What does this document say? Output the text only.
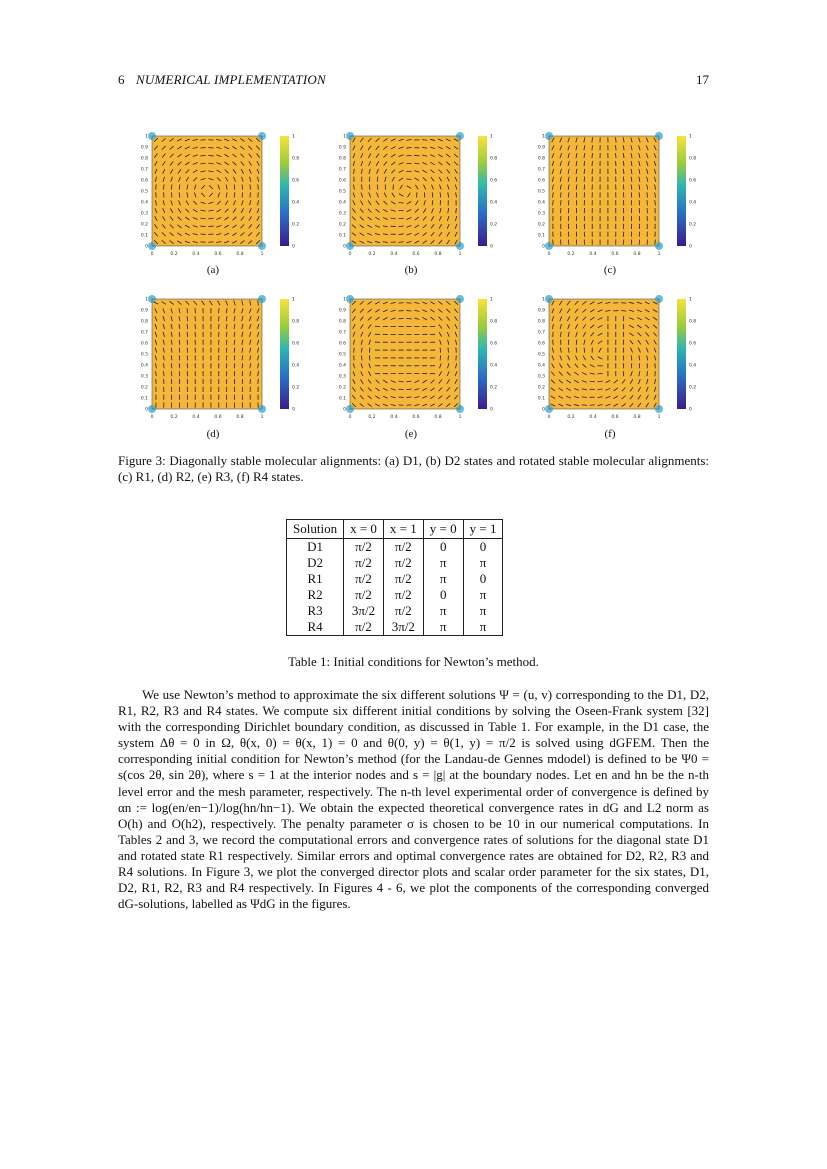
6 NUMERICAL IMPLEMENTATION	17
0	0.2	0.4	0.6	0.8	1
0
0.1
0.2
0.3
0.4
0.5
0.6
0.7
0.8
0.9
1
0
0.2
0.4
0.6
0.8
1
(a)
0	0.2	0.4	0.6	0.8	1
0
0.1
0.2
0.3
0.4
0.5
0.6
0.7
0.8
0.9
1
0
0.2
0.4
0.6
0.8
1
(b)
0	0.2	0.4	0.6	0.8	1
0
0.1
0.2
0.3
0.4
0.5
0.6
0.7
0.8
0.9
1
0
0.2
0.4
0.6
0.8
1
(c)
0	0.2	0.4	0.6	0.8	1
0
0.1
0.2
0.3
0.4
0.5
0.6
0.7
0.8
0.9
1
0
0.2
0.4
0.6
0.8
1
(d)
0	0.2	0.4	0.6	0.8	1
0
0.1
0.2
0.3
0.4
0.5
0.6
0.7
0.8
0.9
1
0
0.2
0.4
0.6
0.8
1
(e)
0	0.2	0.4	0.6	0.8	1
0
0.1
0.2
0.3
0.4
0.5
0.6
0.7
0.8
0.9
1
0
0.2
0.4
0.6
0.8
1
(f)
Figure 3: Diagonally stable molecular alignments: (a) D1, (b) D2 states and rotated stable molecular alignments: (c) R1, (d) R2, (e) R3, (f) R4 states.
Solution	x = 0	x = 1	y = 0	y = 1
D1	π/2	π/2	0	0
D2	π/2	π/2	π	π
R1	π/2	π/2	π	0
R2	π/2	π/2	0	π
R3	3π/2	π/2	π	π
R4	π/2	3π/2	π	π
Table 1: Initial conditions for Newton’s method.

We use Newton’s method to approximate the six different solutions Ψ = (u, v) corresponding to the D1, D2, R1, R2, R3 and R4 states. We compute six different initial conditions by solving the Oseen-Frank system [32] with the corresponding Dirichlet boundary condition, as discussed in Table 1. For example, in the D1 case, the system Δθ = 0 in Ω, θ(x, 0) = θ(x, 1) = 0 and θ(0, y) = θ(1, y) = π/2 is solved using dGFEM. Then the corresponding initial condition for Newton’s method (for the Landau-de Gennes mdodel) is defined to be Ψ0 = s(cos 2θ, sin 2θ), where s = 1 at the interior nodes and s = |g| at the boundary nodes. Let en and hn be the n-th level error and the mesh parameter, respectively. The n-th level experimental order of convergence is defined by αn := log(en/en−1)/log(hn/hn−1). We obtain the expected theoretical convergence rates in dG and L2 norm as O(h) and O(h2), respectively. The penalty parameter σ is chosen to be 10 in our numerical computations. In Tables 2 and 3, we record the computational errors and convergence rates of solutions for the diagonal state D1 and rotated state R1 respectively. Similar errors and optimal convergence rates are obtained for D2, R2, R3 and R4 solutions. In Figure 3, we plot the converged director plots and scalar order parameter for the six states, D1, D2, R1, R2, R3 and R4 respectively. In Figures 4 - 6, we plot the components of the corresponding converged dG-solutions, labelled as ΨdG in the figures.
